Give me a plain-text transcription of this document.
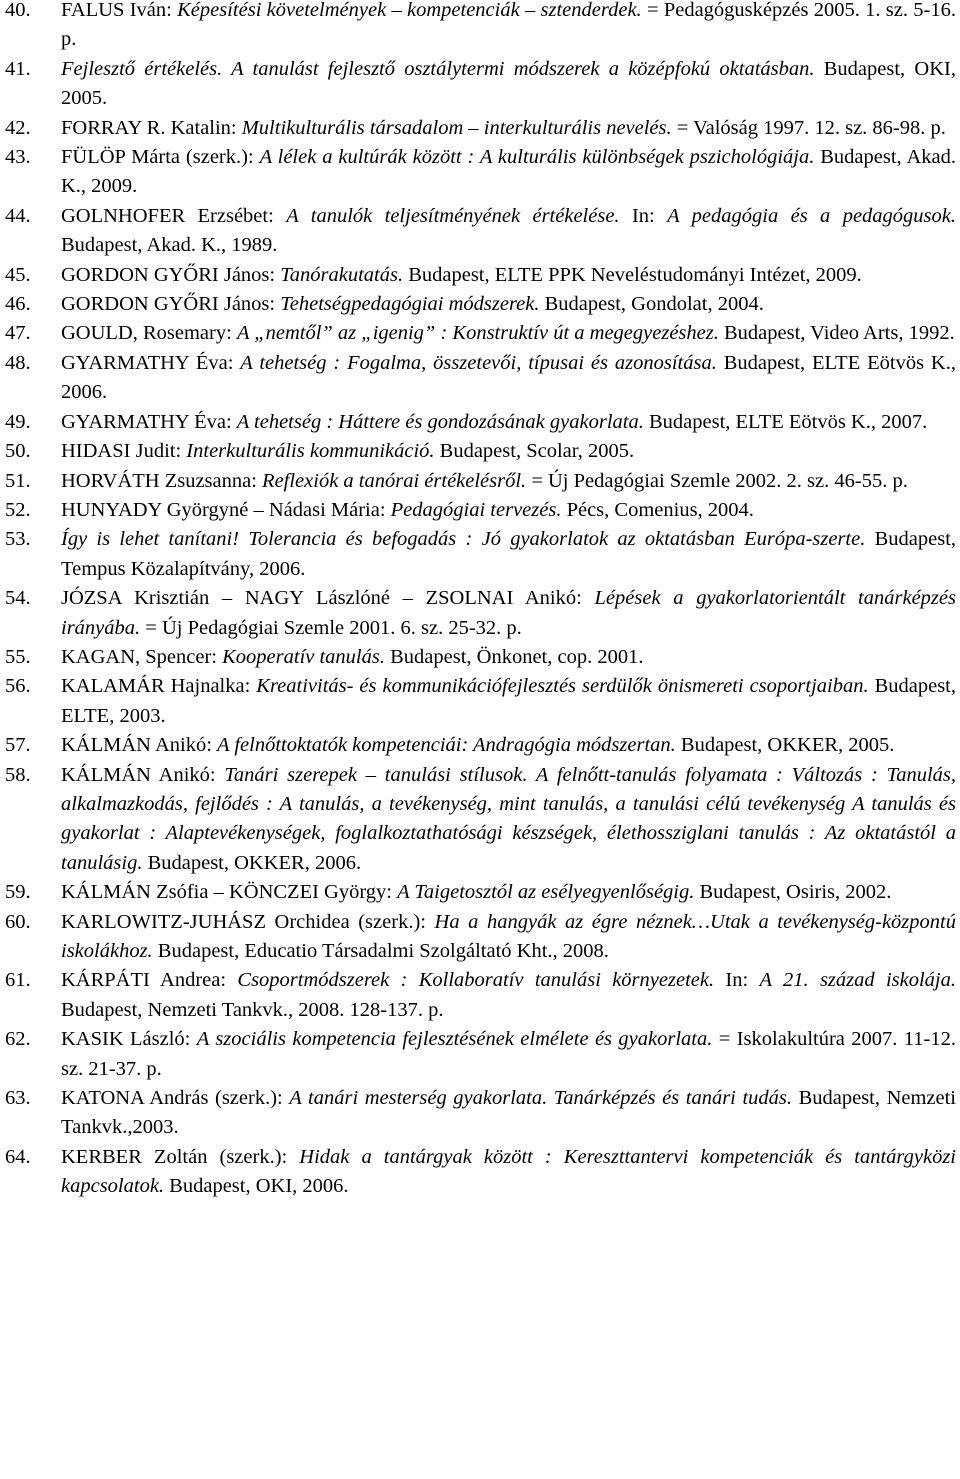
40. FALUS Iván: Képesítési követelmények – kompetenciák – sztenderdek. = Pedagógusképzés 2005. 1. sz. 5-16. p.
41. Fejlesztő értékelés. A tanulást fejlesztő osztálytermi módszerek a középfokú oktatásban. Budapest, OKI, 2005.
42. FORRAY R. Katalin: Multikulturális társadalom – interkulturális nevelés. = Valóság 1997. 12. sz. 86-98. p.
43. FÜLÖP Márta (szerk.): A lélek a kultúrák között : A kulturális különbségek pszichológiája. Budapest, Akad. K., 2009.
44. GOLNHOFER Erzsébet: A tanulók teljesítményének értékelése. In: A pedagógia és a pedagógusok. Budapest, Akad. K., 1989.
45. GORDON GYŐRI János: Tanórakutatás. Budapest, ELTE PPK Neveléstudományi Intézet, 2009.
46. GORDON GYŐRI János: Tehetségpedagógiai módszerek. Budapest, Gondolat, 2004.
47. GOULD, Rosemary: A „nemtől” az „igenig” : Konstruktív út a megegyezéshez. Budapest, Video Arts, 1992.
48. GYARMATHY Éva: A tehetség : Fogalma, összetevői, típusai és azonosítása. Budapest, ELTE Eötvös K., 2006.
49. GYARMATHY Éva: A tehetség : Háttere és gondozásának gyakorlata. Budapest, ELTE Eötvös K., 2007.
50. HIDASI Judit: Interkulturális kommunikáció. Budapest, Scolar, 2005.
51. HORVÁTH Zsuzsanna: Reflexiók a tanórai értékelésről. = Új Pedagógiai Szemle 2002. 2. sz. 46-55. p.
52. HUNYADY Györgyné – Nádasi Mária: Pedagógiai tervezés. Pécs, Comenius, 2004.
53. Így is lehet tanítani! Tolerancia és befogadás : Jó gyakorlatok az oktatásban Európa-szerte. Budapest, Tempus Közalapítvány, 2006.
54. JÓZSA Krisztián – NAGY Lászlóné – ZSOLNAI Anikó: Lépések a gyakorlatorientált tanárképzés irányába. = Új Pedagógiai Szemle 2001. 6. sz. 25-32. p.
55. KAGAN, Spencer: Kooperatív tanulás. Budapest, Önkonet, cop. 2001.
56. KALAMÁR Hajnalka: Kreativitás- és kommunikációfejlesztés serdülők önismereti csoportjaiban. Budapest, ELTE, 2003.
57. KÁLMÁN Anikó: A felnőttoktatók kompetenciái: Andragógia módszertan. Budapest, OKKER, 2005.
58. KÁLMÁN Anikó: Tanári szerepek – tanulási stílusok. A felnőtt-tanulás folyamata : Változás : Tanulás, alkalmazkodás, fejlődés : A tanulás, a tevékenység, mint tanulás, a tanulási célú tevékenység A tanulás és gyakorlat : Alaptevékenységek, foglalkoztathatósági készségek, élethossziglani tanulás : Az oktatástól a tanulásig. Budapest, OKKER, 2006.
59. KÁLMÁN Zsófia – KÖNCZEI György: A Taigetosztól az esélyegyenlőségig. Budapest, Osiris, 2002.
60. KARLOWITZ-JUHÁSZ Orchidea (szerk.): Ha a hangyák az égre néznek…Utak a tevékenység-központú iskolákhoz. Budapest, Educatio Társadalmi Szolgáltató Kht., 2008.
61. KÁRPÁTI Andrea: Csoportmódszerek : Kollaboratív tanulási környezetek. In: A 21. század iskolája. Budapest, Nemzeti Tankvk., 2008. 128-137. p.
62. KASIK László: A szociális kompetencia fejlesztésének elmélete és gyakorlata. = Iskolakultúra 2007. 11-12. sz. 21-37. p.
63. KATONA András (szerk.): A tanári mesterség gyakorlata. Tanárképzés és tanári tudás. Budapest, Nemzeti Tankvk.,2003.
64. KERBER Zoltán (szerk.): Hidak a tantárgyak között : Kereszttantervi kompetenciák és tantárgyközi kapcsolatok. Budapest, OKI, 2006.
